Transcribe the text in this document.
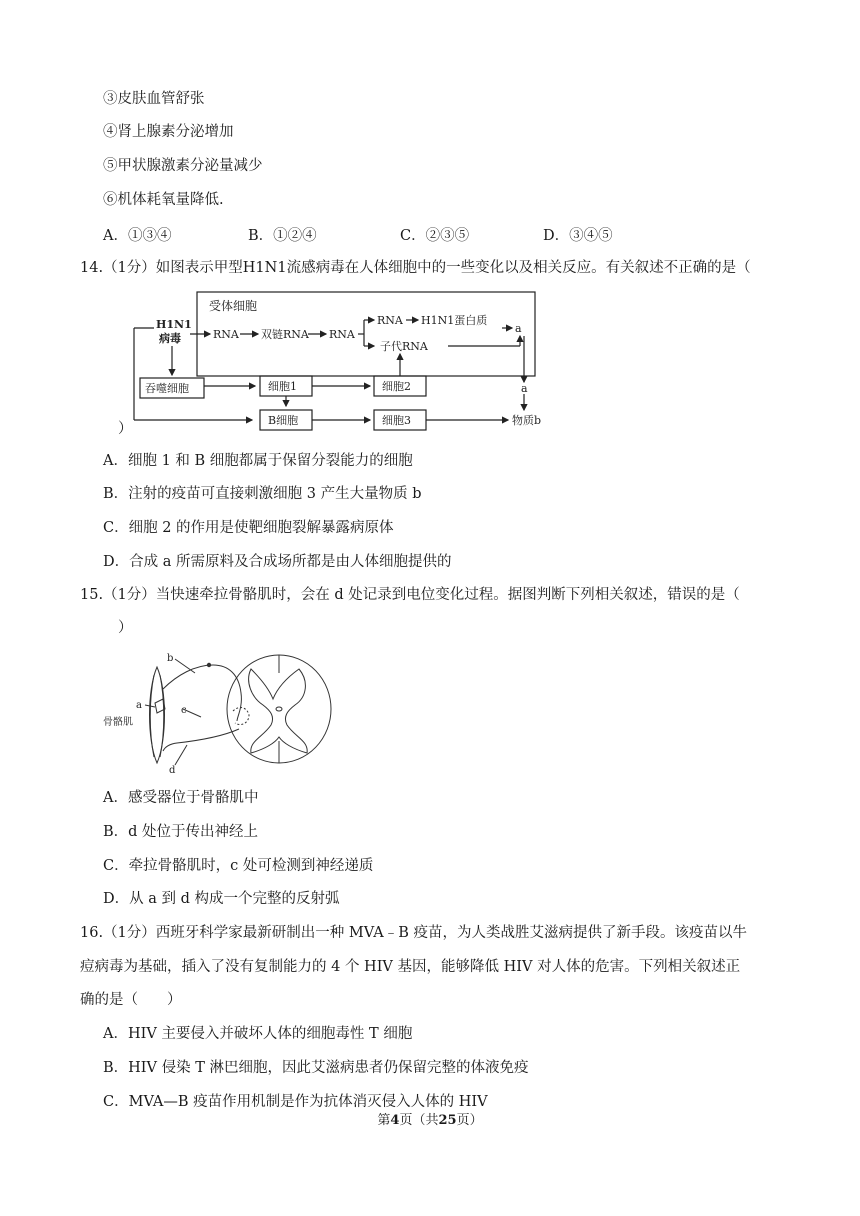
③皮肤血管舒张
④肾上腺素分泌增加
⑤甲状腺激素分泌量减少
⑥机体耗氧量降低.
A．①③④	B．①②④	C．②③⑤	D．③④⑤
14.（1分）如图表示甲型H1N1流感病毒在人体细胞中的一些变化以及相关反应。有关叙述不正确的是（
受体细胞
H1N1
病毒	RNA 双链RNA RNA
RNA H1N1蛋白质
子代RNA
a
a
吞噬细胞	细胞1	细胞2
B细胞	细胞3	物质b
）
A．细胞 1 和 B 细胞都属于保留分裂能力的细胞
B．注射的疫苗可直接刺激细胞 3 产生大量物质 b
C．细胞 2 的作用是使靶细胞裂解暴露病原体
D．合成 a 所需原料及合成场所都是由人体细胞提供的
15.（1分）当快速牵拉骨骼肌时，会在 d 处记录到电位变化过程。据图判断下列相关叙述，错误的是（
）
b
a	c
d
骨骼肌
A．感受器位于骨骼肌中
B．d 处位于传出神经上
C．牵拉骨骼肌时，c 处可检测到神经递质
D．从 a 到 d 构成一个完整的反射弧
16.（1分）西班牙科学家最新研制出一种 MVA﹣B 疫苗，为人类战胜艾滋病提供了新手段。该疫苗以牛
痘病毒为基础，插入了没有复制能力的 4 个 HIV 基因，能够降低 HIV 对人体的危害。下列相关叙述正
确的是（　　）
A．HIV 主要侵入并破坏人体的细胞毒性 T 细胞
B．HIV 侵染 T 淋巴细胞，因此艾滋病患者仍保留完整的体液免疫
C．MVA—B 疫苗作用机制是作为抗体消灭侵入人体的 HIV
第4页（共25页）
